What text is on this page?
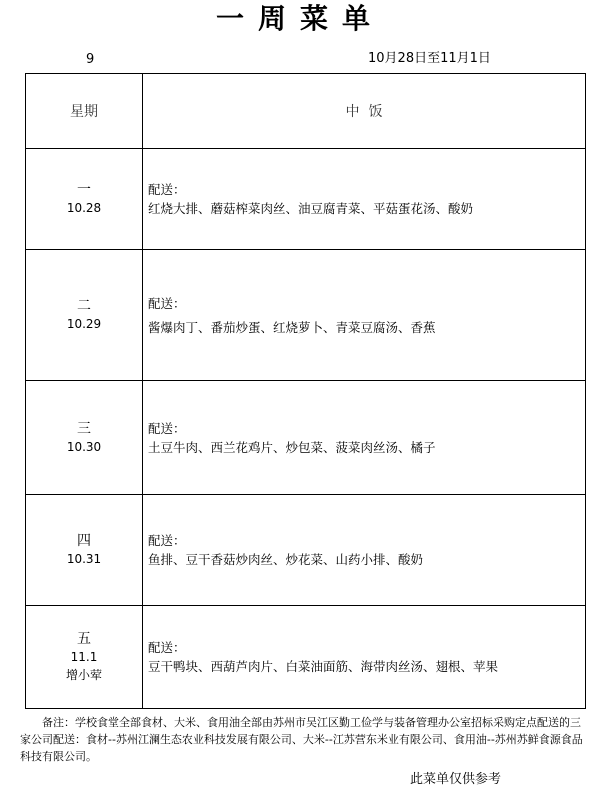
一周菜单
9	10月28日至11月1日
星期	中  饭
一
10.28	配送：
红烧大排、蘑菇榨菜肉丝、油豆腐青菜、平菇蛋花汤、酸奶

二
10.29	配送：
酱爆肉丁、番茄炒蛋、红烧萝卜、青菜豆腐汤、香蕉

三
10.30	配送：
土豆牛肉、西兰花鸡片、炒包菜、菠菜肉丝汤、橘子

四
10.31	配送：
鱼排、豆干香菇炒肉丝、炒花菜、山药小排、酸奶

五
11.1
增小荤	配送：
豆干鸭块、西葫芦肉片、白菜油面筋、海带肉丝汤、翅根、苹果
备注：学校食堂全部食材、大米、食用油全部由苏州市吴江区勤工俭学与装备管理办公室招标采购定点配送的三家公司配送：食材--苏州江澜生态农业科技发展有限公司、大米--江苏营东米业有限公司、食用油--苏州苏鲜食源食品科技有限公司。
此菜单仅供参考
